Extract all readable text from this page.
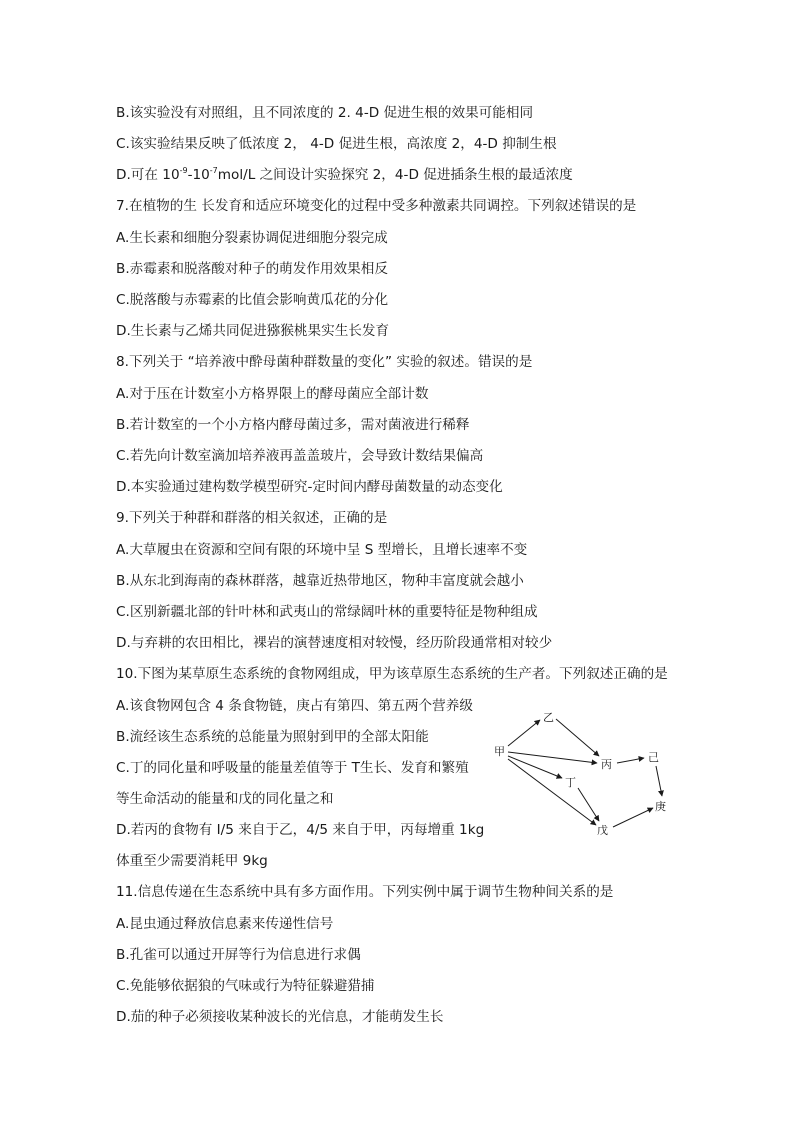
B.该实验没有对照组，且不同浓度的 2. 4-D 促进生根的效果可能相同
C.该实验结果反映了低浓度 2， 4-D 促进生根，高浓度 2，4-D 抑制生根
D.可在 $10^{-9}-10^{-7}mol/L$ 之间设计实验探究 2，4-D 促进插条生根的最适浓度
7.在植物的生 长发育和适应环境变化的过程中受多种激素共同调控。下列叙述错误的是
A.生长素和细胞分裂素协调促进细胞分裂完成
B.赤霉素和脱落酸对种子的萌发作用效果相反
C.脱落酸与赤霉素的比值会影响黄瓜花的分化
D.生长素与乙烯共同促进猕猴桃果实生长发育
8.下列关于 “培养液中酔母菌种群数量的变化” 实验的叙述。错误的是
A.对于压在计数室小方格界限上的酵母菌应全部计数
B.若计数室的一个小方格内酵母菌过多，需对菌液进行稀释
C.若先向计数室滴加培养液再盖盖玻片，会导致计数结果偏高
D.本实验通过建构数学模型研究-定时间内酵母菌数量的动态变化
9.下列关于种群和群落的相关叙述，正确的是
A.大草履虫在资源和空间有限的环境中呈 S 型增长，且增长速率不变
B.从东北到海南的森林群落，越靠近热带地区，物种丰富度就会越小
C.区别新疆北部的针叶林和武夷山的常绿阔叶林的重要特征是物种组成
D.与弃耕的农田相比，裸岩的演替速度相对较慢，经历阶段通常相对较少
10.下图为某草原生态系统的食物网组成，甲为该草原生态系统的生产者。下列叙述正确的是
A.该食物网包含 4 条食物链，庚占有第四、第五两个营养级
B.流经该生态系统的总能量为照射到甲的全部太阳能
C.丁的同化量和呼吸量的能量差值等于 T生长、发育和繁殖
等生命活动的能量和戊的同化量之和
D.若丙的食物有 I/5 来自于乙，4/5 来自于甲，丙每增重 1kg
体重至少需要消耗甲 9kg
甲
乙
丙
丁
戊
己
庚
11.信息传递在生态系统中具有多方面作用。下列实例中属于调节生物种间关系的是
A.昆虫通过释放信息素来传递性信号
B.孔雀可以通过开屏等行为信息进行求偶
C.免能够依据狼的气味或行为特征躲避猎捕
D.茄的种子必须接收某种波长的光信息，才能萌发生长
